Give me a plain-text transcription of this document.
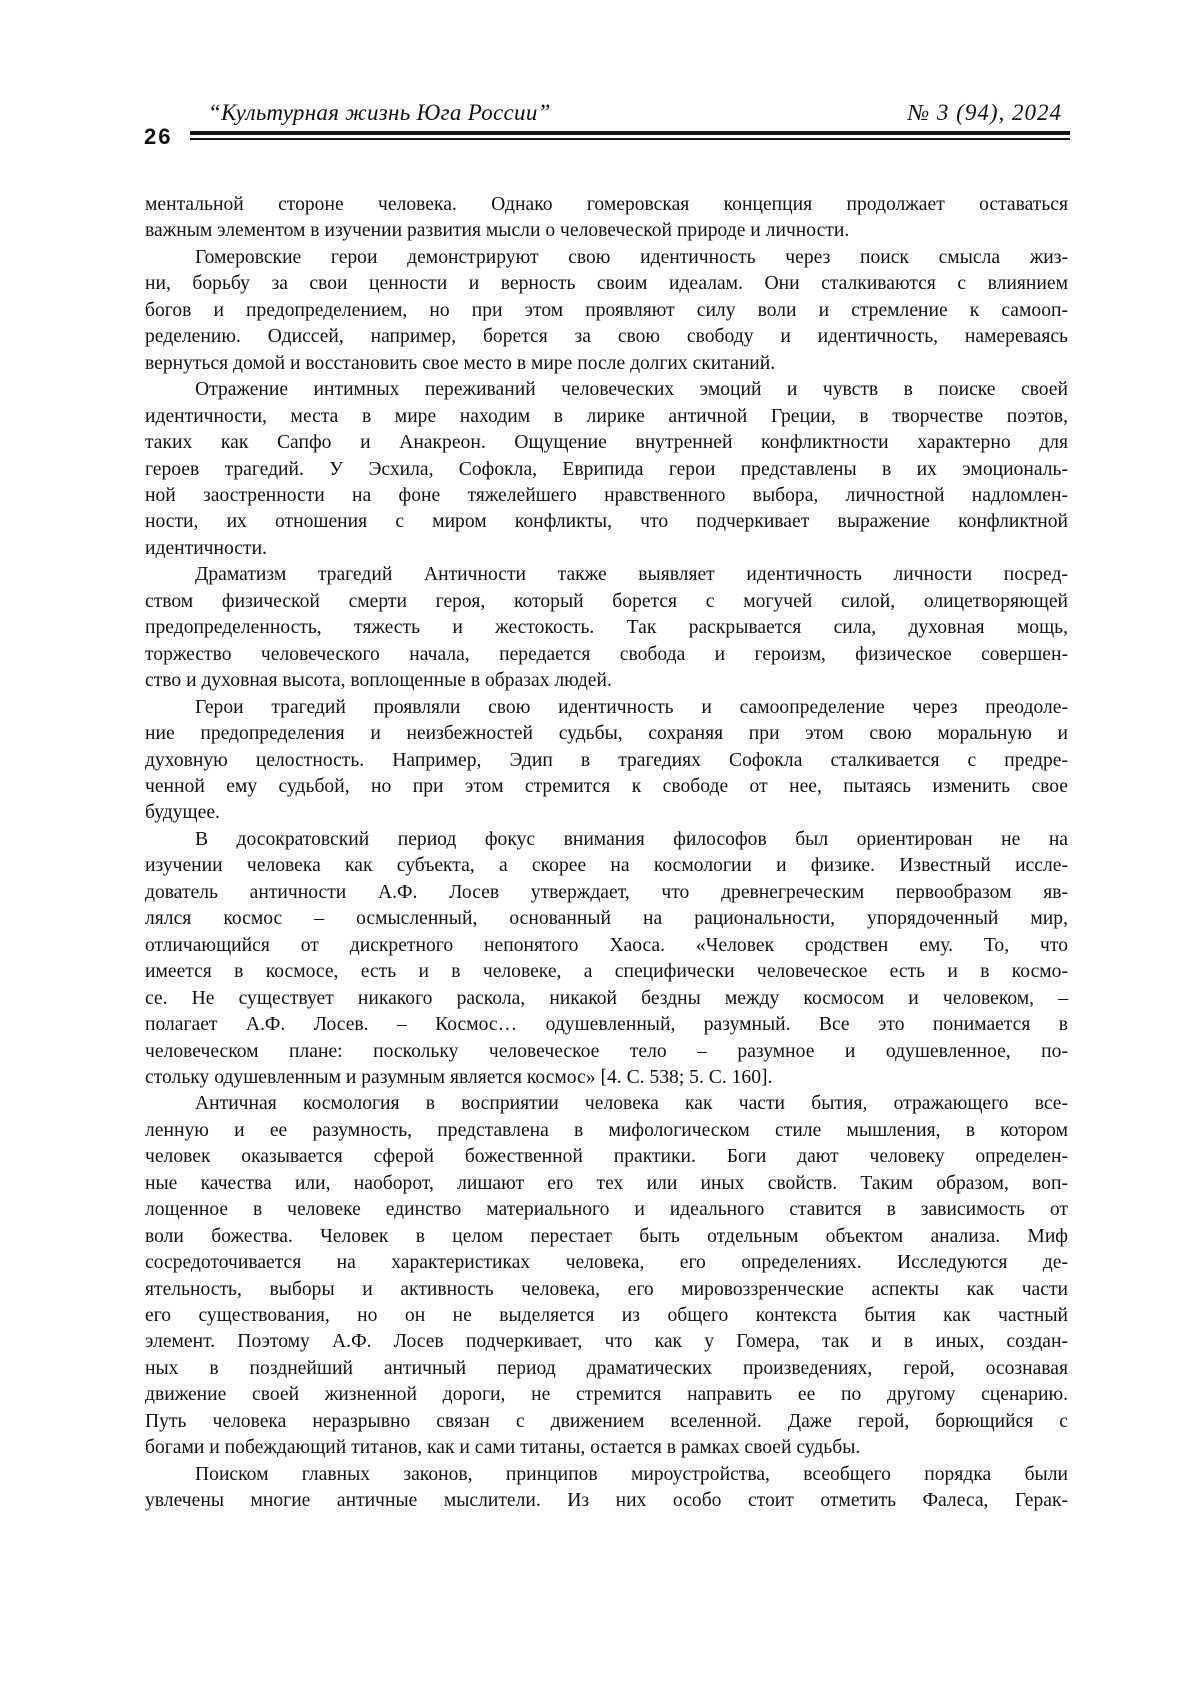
26
“Культурная жизнь Юга России”	№ 3 (94), 2024
ментальной стороне человека. Однако гомеровская концепция продолжает оставаться
важным элементом в изучении развития мысли о человеческой природе и личности.
Гомеровские герои демонстрируют свою идентичность через поиск смысла жиз-
ни, борьбу за свои ценности и верность своим идеалам. Они сталкиваются с влиянием
богов и предопределением, но при этом проявляют силу воли и стремление к самооп-
ределению. Одиссей, например, борется за свою свободу и идентичность, намереваясь
вернуться домой и восстановить свое место в мире после долгих скитаний.
Отражение интимных переживаний человеческих эмоций и чувств в поиске своей
идентичности, места в мире находим в лирике античной Греции, в творчестве поэтов,
таких как Сапфо и Анакреон. Ощущение внутренней конфликтности характерно для
героев трагедий. У Эсхила, Софокла, Еврипида герои представлены в их эмоциональ-
ной заостренности на фоне тяжелейшего нравственного выбора, личностной надломлен-
ности, их отношения с миром конфликты, что подчеркивает выражение конфликтной
идентичности.
Драматизм трагедий Античности также выявляет идентичность личности посред-
ством физической смерти героя, который борется с могучей силой, олицетворяющей
предопределенность, тяжесть и жестокость. Так раскрывается сила, духовная мощь,
торжество человеческого начала, передается свобода и героизм, физическое совершен-
ство и духовная высота, воплощенные в образах людей.
Герои трагедий проявляли свою идентичность и самоопределение через преодоле-
ние предопределения и неизбежностей судьбы, сохраняя при этом свою моральную и
духовную целостность. Например, Эдип в трагедиях Софокла сталкивается с предре-
ченной ему судьбой, но при этом стремится к свободе от нее, пытаясь изменить свое
будущее.
В досократовский период фокус внимания философов был ориентирован не на
изучении человека как субъекта, а скорее на космологии и физике. Известный иссле-
дователь античности А.Ф. Лосев утверждает, что древнегреческим первообразом яв-
лялся космос – осмысленный, основанный на рациональности, упорядоченный мир,
отличающийся от дискретного непонятого Хаоса. «Человек сродствен ему. То, что
имеется в космосе, есть и в человеке, а специфически человеческое есть и в космо-
се. Не существует никакого раскола, никакой бездны между космосом и человеком, –
полагает А.Ф. Лосев. – Космос… одушевленный, разумный. Все это понимается в
человеческом плане: поскольку человеческое тело – разумное и одушевленное, по-
стольку одушевленным и разумным является космос» [4. С. 538; 5. С. 160].
Античная космология в восприятии человека как части бытия, отражающего все-
ленную и ее разумность, представлена в мифологическом стиле мышления, в котором
человек оказывается сферой божественной практики. Боги дают человеку определен-
ные качества или, наоборот, лишают его тех или иных свойств. Таким образом, воп-
лощенное в человеке единство материального и идеального ставится в зависимость от
воли божества. Человек в целом перестает быть отдельным объектом анализа. Миф
сосредоточивается на характеристиках человека, его определениях. Исследуются де-
ятельность, выборы и активность человека, его мировоззренческие аспекты как части
его существования, но он не выделяется из общего контекста бытия как частный
элемент. Поэтому А.Ф. Лосев подчеркивает, что как у Гомера, так и в иных, создан-
ных в позднейший античный период драматических произведениях, герой, осознавая
движение своей жизненной дороги, не стремится направить ее по другому сценарию.
Путь человека неразрывно связан с движением вселенной. Даже герой, борющийся с
богами и побеждающий титанов, как и сами титаны, остается в рамках своей судьбы.
Поиском главных законов, принципов мироустройства, всеобщего порядка были
увлечены многие античные мыслители. Из них особо стоит отметить Фалеса, Герак-
